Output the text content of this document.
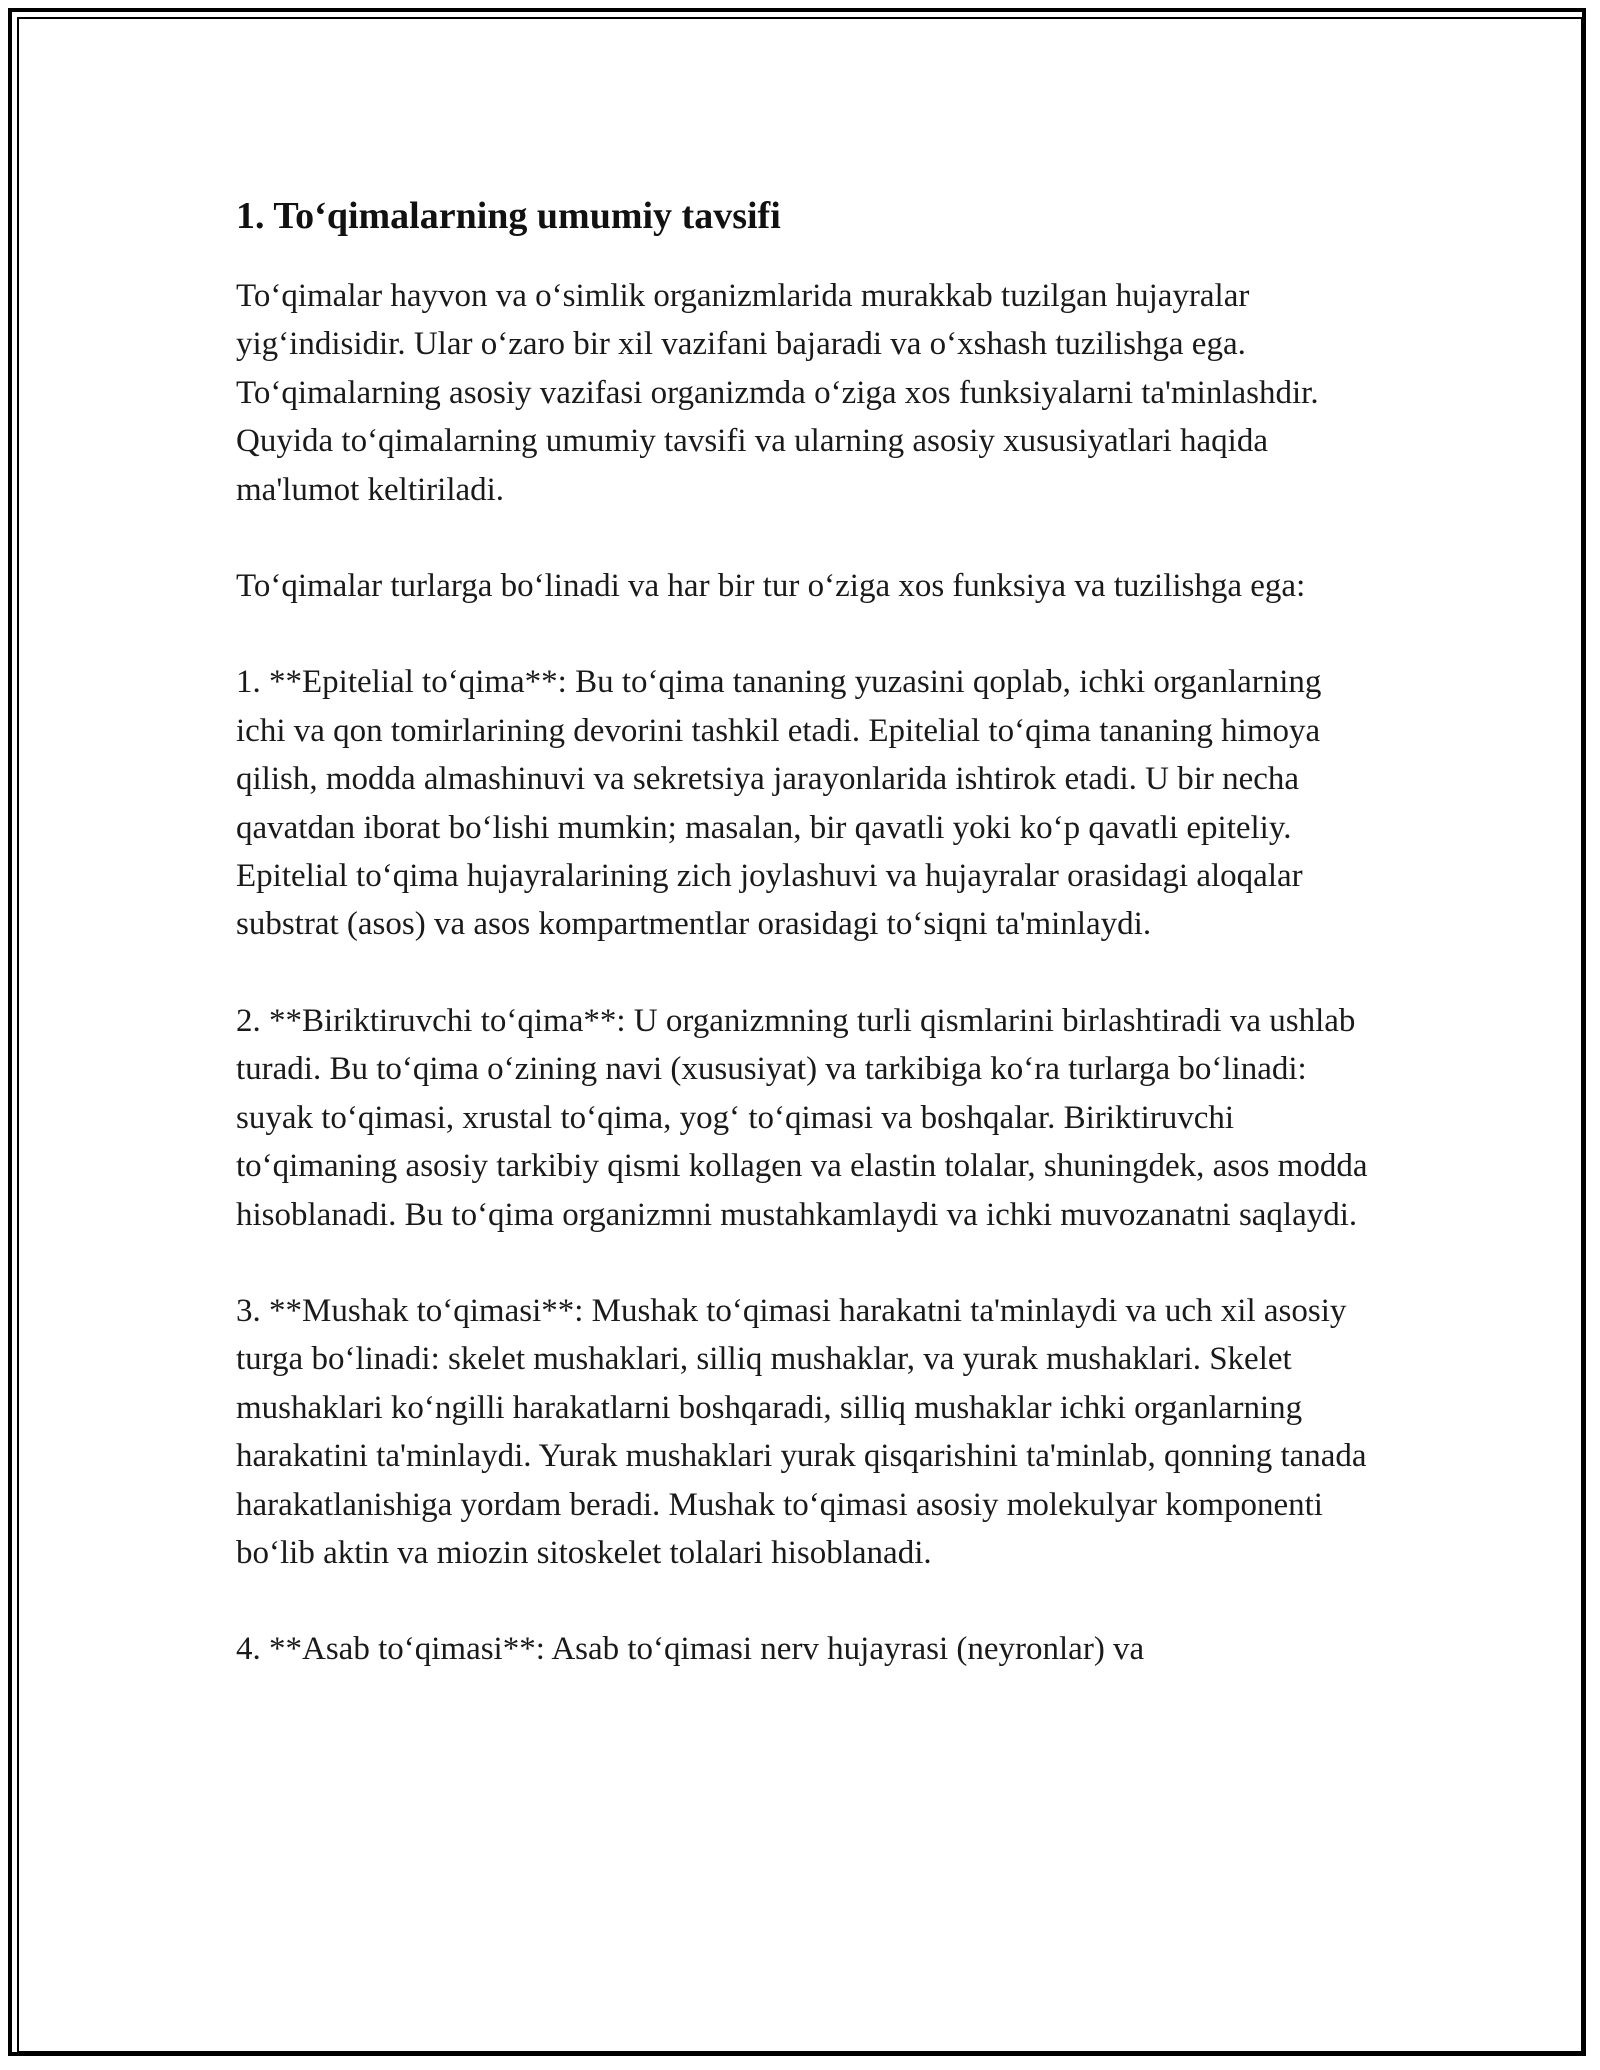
1. To‘qimalarning umumiy tavsifi

To‘qimalar hayvon va o‘simlik organizmlarida murakkab tuzilgan hujayralar yig‘indisidir. Ular o‘zaro bir xil vazifani bajaradi va o‘xshash tuzilishga ega. To‘qimalarning asosiy vazifasi organizmda o‘ziga xos funksiyalarni ta'minlashdir. Quyida to‘qimalarning umumiy tavsifi va ularning asosiy xususiyatlari haqida ma'lumot keltiriladi.

To‘qimalar turlarga bo‘linadi va har bir tur o‘ziga xos funksiya va tuzilishga ega:

1. **Epitelial to‘qima**: Bu to‘qima tananing yuzasini qoplab, ichki organlarning ichi va qon tomirlarining devorini tashkil etadi. Epitelial to‘qima tananing himoya qilish, modda almashinuvi va sekretsiya jarayonlarida ishtirok etadi. U bir necha qavatdan iborat bo‘lishi mumkin; masalan, bir qavatli yoki ko‘p qavatli epiteliy. Epitelial to‘qima hujayralarining zich joylashuvi va hujayralar orasidagi aloqalar substrat (asos) va asos kompartmentlar orasidagi to‘siqni ta'minlaydi.

2. **Biriktiruvchi to‘qima**: U organizmning turli qismlarini birlashtiradi va ushlab turadi. Bu to‘qima o‘zining navi (xususiyat) va tarkibiga ko‘ra turlarga bo‘linadi: suyak to‘qimasi, xrustal to‘qima, yog‘ to‘qimasi va boshqalar. Biriktiruvchi to‘qimaning asosiy tarkibiy qismi kollagen va elastin tolalar, shuningdek, asos modda hisoblanadi. Bu to‘qima organizmni mustahkamlaydi va ichki muvozanatni saqlaydi.

3. **Mushak to‘qimasi**: Mushak to‘qimasi harakatni ta'minlaydi va uch xil asosiy turga bo‘linadi: skelet mushaklari, silliq mushaklar, va yurak mushaklari. Skelet mushaklari ko‘ngilli harakatlarni boshqaradi, silliq mushaklar ichki organlarning harakatini ta'minlaydi. Yurak mushaklari yurak qisqarishini ta'minlab, qonning tanada harakatlanishiga yordam beradi. Mushak to‘qimasi asosiy molekulyar komponenti bo‘lib aktin va miozin sitoskelet tolalari hisoblanadi.

4. **Asab to‘qimasi**: Asab to‘qimasi nerv hujayrasi (neyronlar) va
